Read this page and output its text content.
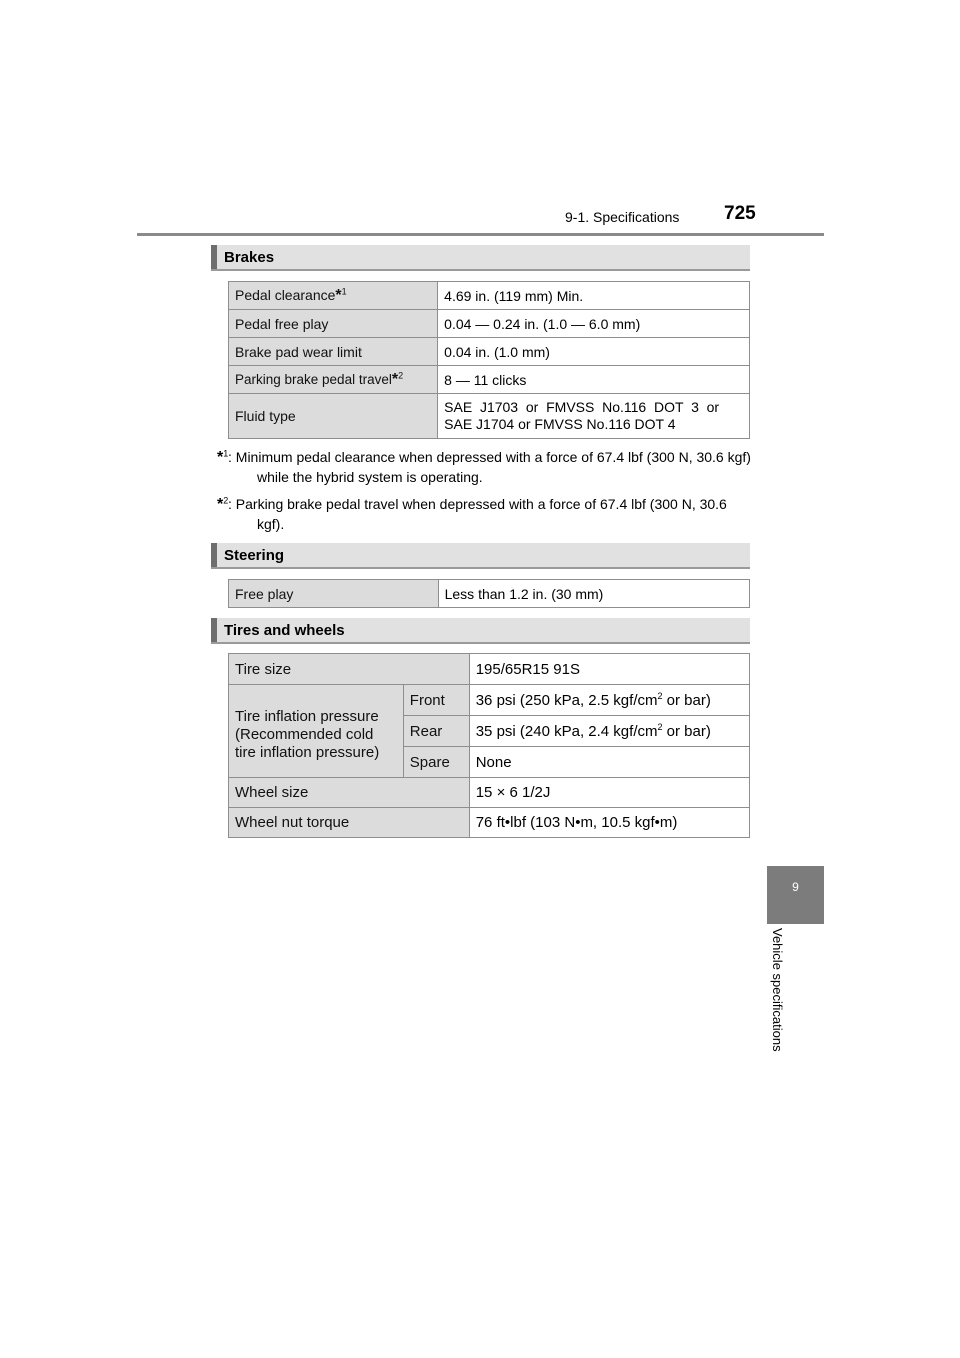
9-1. Specifications 725
9
Vehicle specifications
Brakes
Pedal clearance*$^1$	4.69 in. (119 mm) Min.
Pedal free play	0.04 — 0.24 in. (1.0 — 6.0 mm)
Brake pad wear limit	0.04 in. (1.0 mm)
Parking brake pedal travel*$^2$	8 — 11 clicks
Fluid type	SAE  J1703  or  FMVSS  No.116  DOT  3  or
SAE J1704 or FMVSS No.116 DOT 4
*$^1$ : Minimum pedal clearance when depressed with a force of 67.4 lbf (300 N, 30.6 kgf) while the hybrid system is operating.
*$^2$ : Parking brake pedal travel when depressed with a force of 67.4 lbf (300 N, 30.6 kgf).
Steering
Free play	Less than 1.2 in. (30 mm)
Tires and wheels
Tire size		195/65R15 91S
Tire inflation pressure (Recommended cold tire inflation pressure)	Front	36 psi (250 kPa, 2.5 kgf/$cm^2$ or bar)
	Rear	35 psi (240 kPa, 2.4 kgf/$cm^2$ or bar)
	Spare	None
Wheel size		15 × 6 1/2J
Wheel nut torque		76 ft•lbf (103 N•m, 10.5 kgf•m)
